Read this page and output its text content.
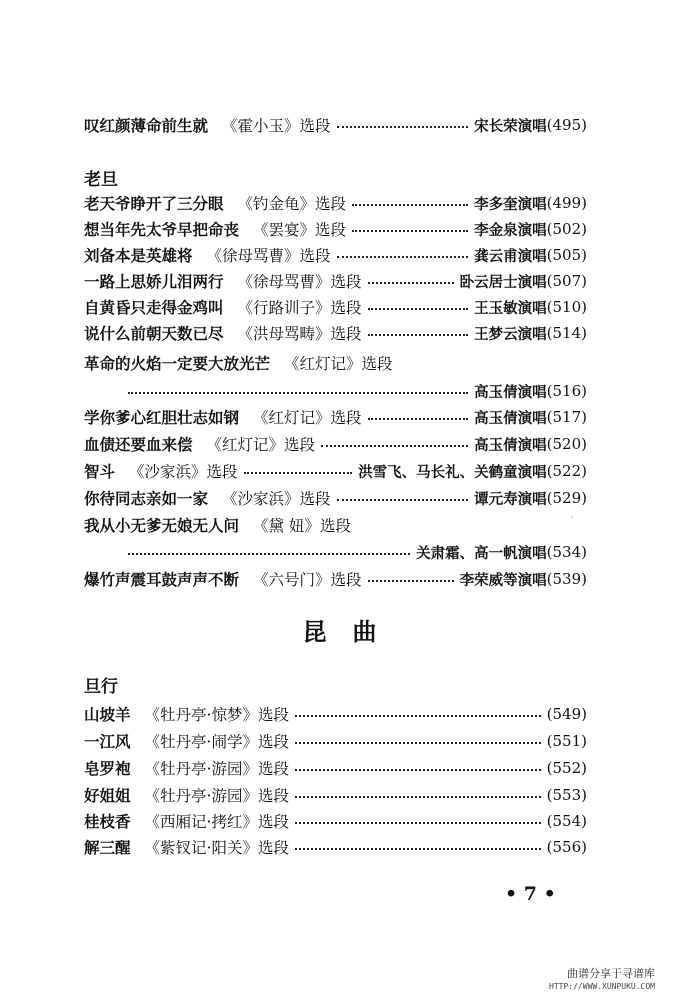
叹红颜薄命前生就 《霍小玉》选段	宋长荣演唱 (495)
老旦
老天爷睁开了三分眼 《钓金龟》选段	李多奎演唱 (499)
想当年先太爷早把命丧 《罢宴》选段	李金泉演唱 (502)
刘备本是英雄将 《徐母骂曹》选段	龚云甫演唱 (505)
一路上思娇儿泪两行 《徐母骂曹》选段	卧云居士演唱 (507)
自黄昏只走得金鸡叫 《行路训子》选段	王玉敏演唱 (510)
说什么前朝天数已尽 《洪母骂畴》选段	王梦云演唱 (514)
革命的火焰一定要大放光芒 《红灯记》选段
高玉倩演唱 (516)
学你爹心红胆壮志如钢 《红灯记》选段	高玉倩演唱 (517)
血债还要血来偿 《红灯记》选段	高玉倩演唱 (520)
智斗 《沙家浜》选段	洪雪飞、马长礼、关鹤童演唱 (522)
你待同志亲如一家 《沙家浜》选段	谭元寿演唱 (529)
我从小无爹无娘无人问 《黛 妞》选段
关肃霜、高一帆演唱 (534)
爆竹声震耳鼓声声不断 《六号门》选段	李荣威等演唱 (539)
ˋ
昆曲
旦行
山坡羊 《牡丹亭·惊梦》选段	(549)
一江风 《牡丹亭·闹学》选段	(551)
皂罗袍 《牡丹亭·游园》选段	(552)
好姐姐 《牡丹亭·游园》选段	(553)
桂枝香 《西厢记·拷红》选段	(554)
解三醒 《紫钗记·阳关》选段	(556)
• 7 •
曲谱分享于寻谱库
HTTP://WWW.XUNPUKU.COM
